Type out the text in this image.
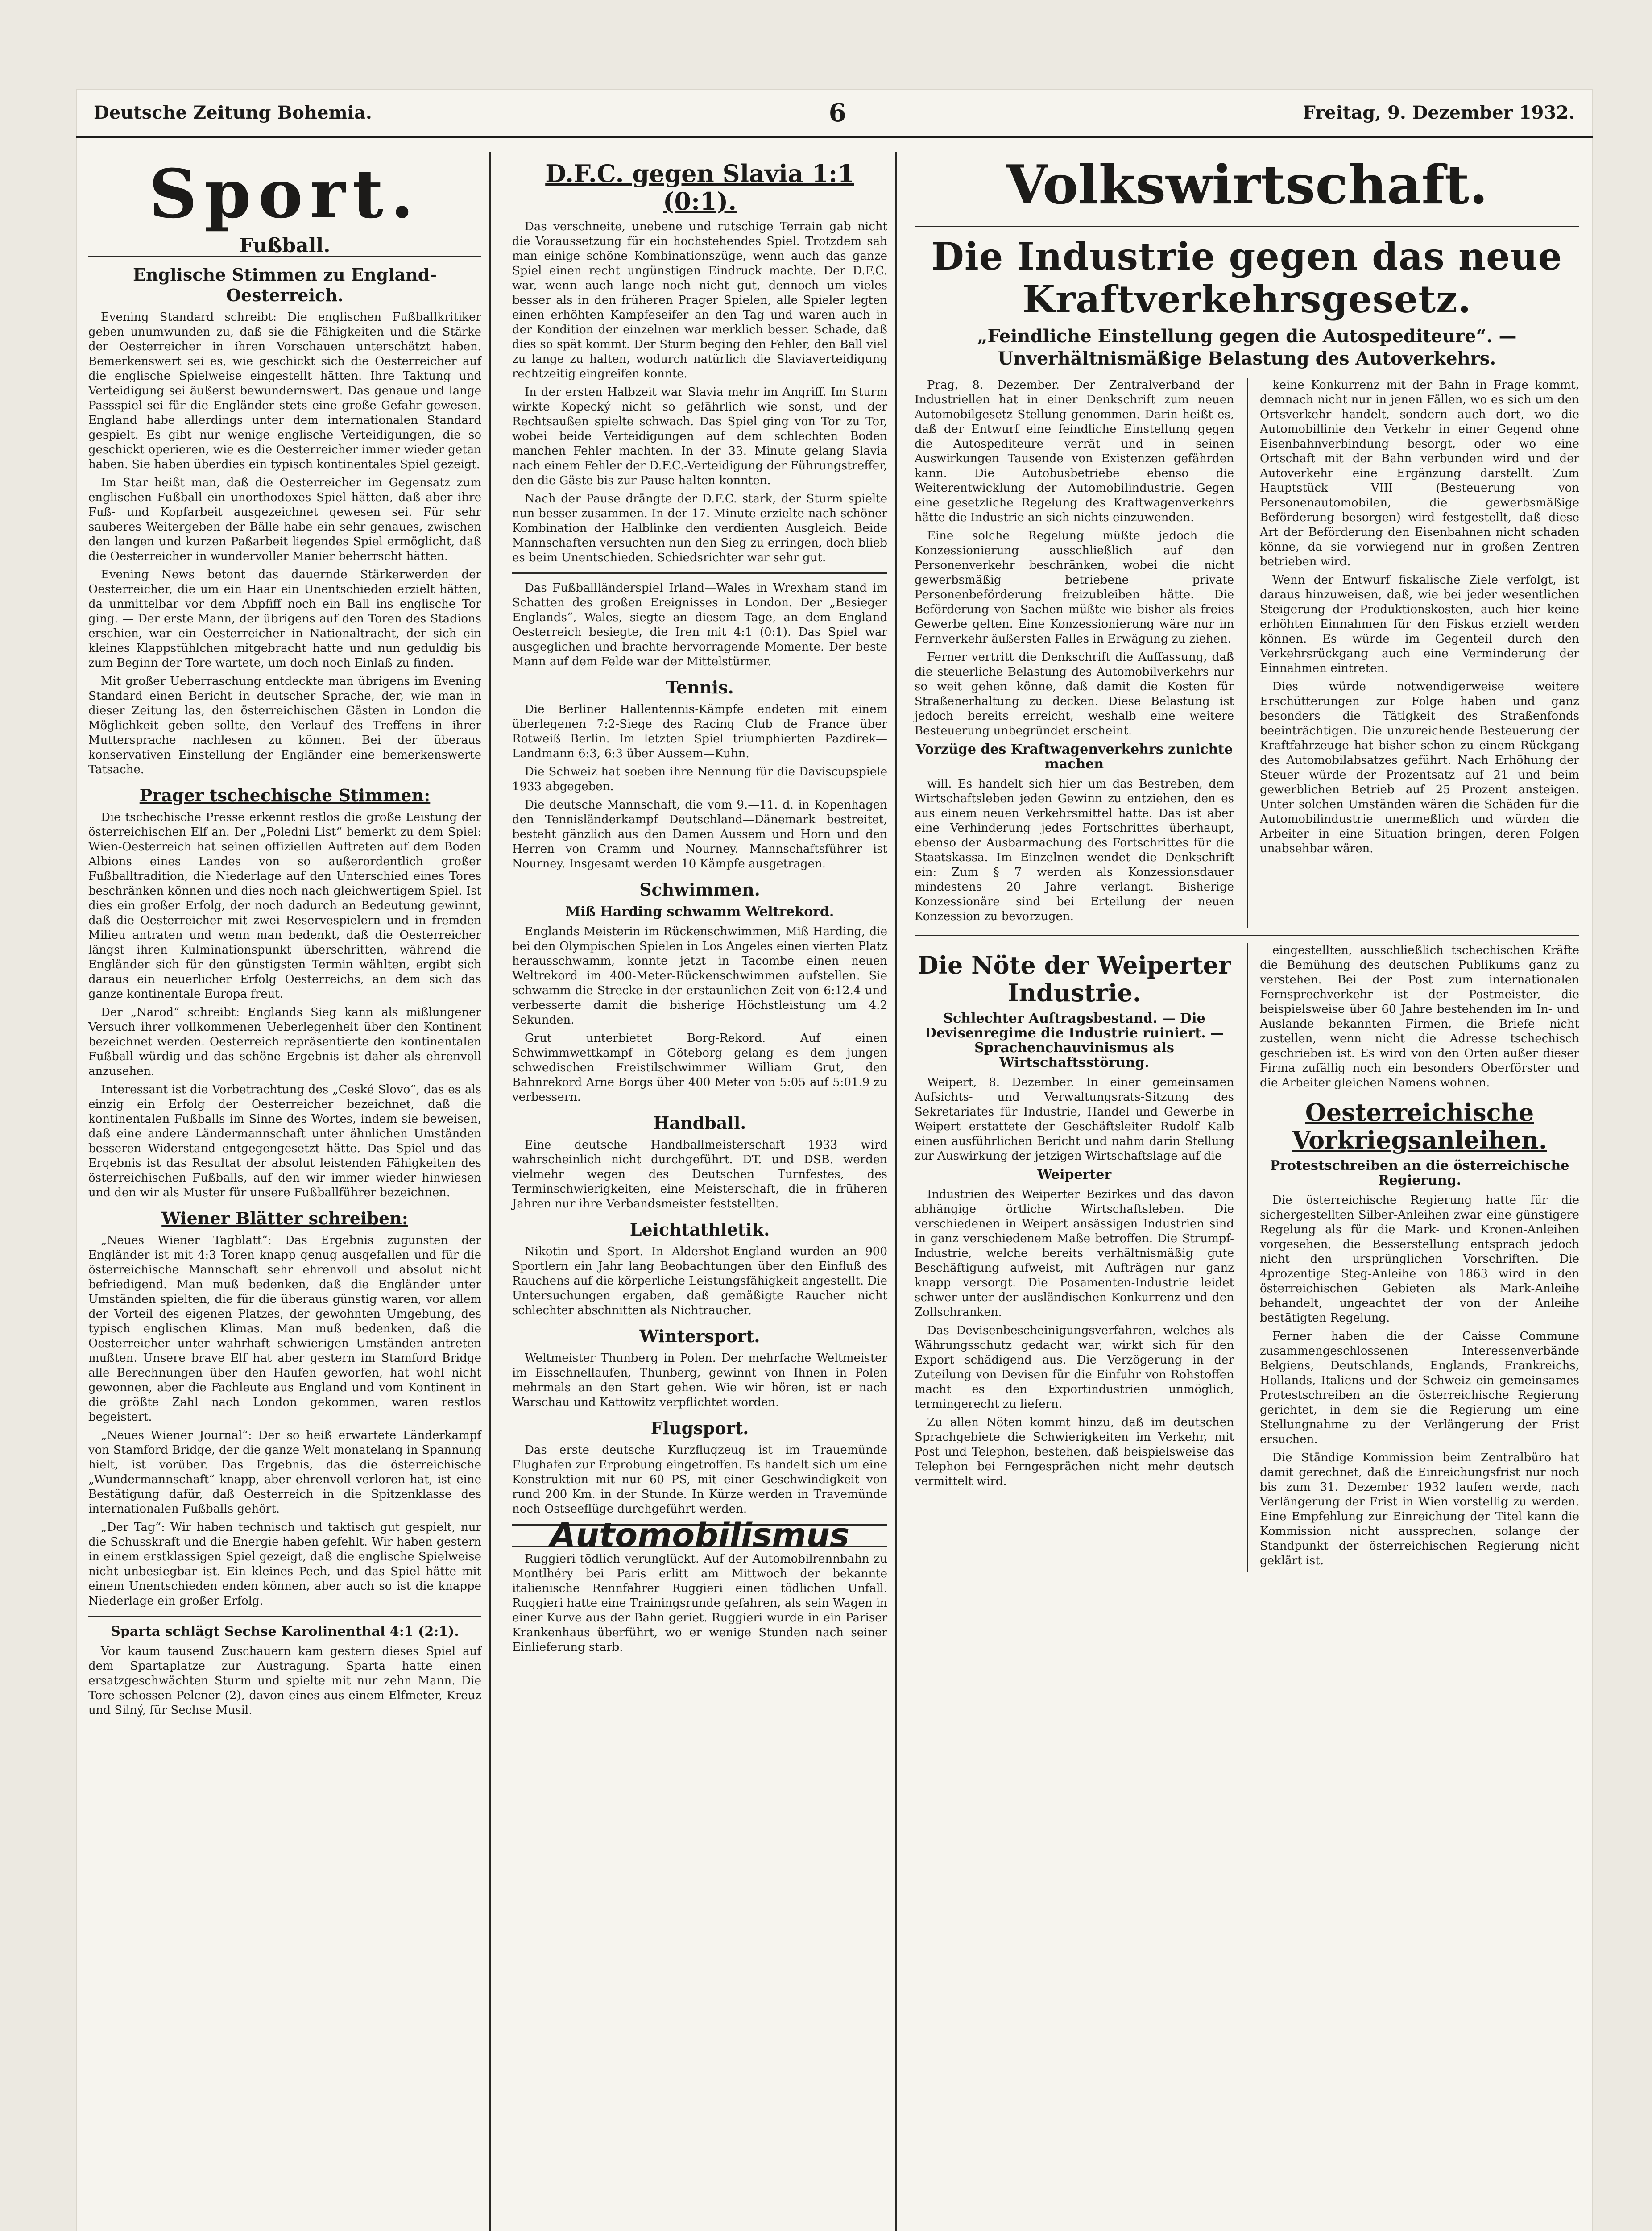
Deutsche Zeitung Bohemia.	6	Freitag, 9. Dezember 1932.
Sport.
Fußball.
Englische Stimmen zu England-Oesterreich.

Evening Standard schreibt: Die englischen Fußballkritiker geben unumwunden zu, daß sie die Fähigkeiten und die Stärke der Oesterreicher in ihren Vorschauen unterschätzt haben. Bemerkenswert sei es, wie geschickt sich die Oesterreicher auf die englische Spielweise eingestellt hätten. Ihre Taktung und Verteidigung sei äußerst bewundernswert. Das genaue und lange Passspiel sei für die Engländer stets eine große Gefahr gewesen. England habe allerdings unter dem internationalen Standard gespielt. Es gibt nur wenige englische Verteidigungen, die so geschickt operieren, wie es die Oesterreicher immer wieder getan haben. Sie haben überdies ein typisch kontinentales Spiel gezeigt.

Im Star heißt man, daß die Oesterreicher im Gegensatz zum englischen Fußball ein unorthodoxes Spiel hätten, daß aber ihre Fuß- und Kopfarbeit ausgezeichnet gewesen sei. Für sehr sauberes Weitergeben der Bälle habe ein sehr genaues, zwischen den langen und kurzen Paßarbeit liegendes Spiel ermöglicht, daß die Oesterreicher in wundervoller Manier beherrscht hätten.

Evening News betont das dauernde Stärkerwerden der Oesterreicher, die um ein Haar ein Unentschieden erzielt hätten, da unmittelbar vor dem Abpfiff noch ein Ball ins englische Tor ging. — Der erste Mann, der übrigens auf den Toren des Stadions erschien, war ein Oesterreicher in Nationaltracht, der sich ein kleines Klappstühlchen mitgebracht hatte und nun geduldig bis zum Beginn der Tore wartete, um doch noch Einlaß zu finden.

Mit großer Ueberraschung entdeckte man übrigens im Evening Standard einen Bericht in deutscher Sprache, der, wie man in dieser Zeitung las, den österreichischen Gästen in London die Möglichkeit geben sollte, den Verlauf des Treffens in ihrer Muttersprache nachlesen zu können. Bei der überaus konservativen Einstellung der Engländer eine bemerkenswerte Tatsache.

Prager tschechische Stimmen:

Die tschechische Presse erkennt restlos die große Leistung der österreichischen Elf an. Der „Poledni List“ bemerkt zu dem Spiel: Wien-Oesterreich hat seinen offiziellen Auftreten auf dem Boden Albions eines Landes von so außerordentlich großer Fußballtradition, die Niederlage auf den Unterschied eines Tores beschränken können und dies noch nach gleichwertigem Spiel. Ist dies ein großer Erfolg, der noch dadurch an Bedeutung gewinnt, daß die Oesterreicher mit zwei Reservespielern und in fremden Milieu antraten und wenn man bedenkt, daß die Oesterreicher längst ihren Kulminationspunkt überschritten, während die Engländer sich für den günstigsten Termin wählten, ergibt sich daraus ein neuerlicher Erfolg Oesterreichs, an dem sich das ganze kontinentale Europa freut.

Der „Narod“ schreibt: Englands Sieg kann als mißlungener Versuch ihrer vollkommenen Ueberlegenheit über den Kontinent bezeichnet werden. Oesterreich repräsentierte den kontinentalen Fußball würdig und das schöne Ergebnis ist daher als ehrenvoll anzusehen.

Interessant ist die Vorbetrachtung des „Ceské Slovo“, das es als einzig ein Erfolg der Oesterreicher bezeichnet, daß die kontinentalen Fußballs im Sinne des Wortes, indem sie beweisen, daß eine andere Ländermannschaft unter ähnlichen Umständen besseren Widerstand entgegengesetzt hätte. Das Spiel und das Ergebnis ist das Resultat der absolut leistenden Fähigkeiten des österreichischen Fußballs, auf den wir immer wieder hinwiesen und den wir als Muster für unsere Fußballführer bezeichnen.

Wiener Blätter schreiben:

„Neues Wiener Tagblatt“: Das Ergebnis zugunsten der Engländer ist mit 4:3 Toren knapp genug ausgefallen und für die österreichische Mannschaft sehr ehrenvoll und absolut nicht befriedigend. Man muß bedenken, daß die Engländer unter Umständen spielten, die für die überaus günstig waren, vor allem der Vorteil des eigenen Platzes, der gewohnten Umgebung, des typisch englischen Klimas. Man muß bedenken, daß die Oesterreicher unter wahrhaft schwierigen Umständen antreten mußten. Unsere brave Elf hat aber gestern im Stamford Bridge alle Berechnungen über den Haufen geworfen, hat wohl nicht gewonnen, aber die Fachleute aus England und vom Kontinent in die größte Zahl nach London gekommen, waren restlos begeistert.

„Neues Wiener Journal“: Der so heiß erwartete Länderkampf von Stamford Bridge, der die ganze Welt monatelang in Spannung hielt, ist vorüber. Das Ergebnis, das die österreichische „Wundermannschaft“ knapp, aber ehrenvoll verloren hat, ist eine Bestätigung dafür, daß Oesterreich in die Spitzenklasse des internationalen Fußballs gehört.

„Der Tag“: Wir haben technisch und taktisch gut gespielt, nur die Schusskraft und die Energie haben gefehlt. Wir haben gestern in einem erstklassigen Spiel gezeigt, daß die englische Spielweise nicht unbesiegbar ist. Ein kleines Pech, und das Spiel hätte mit einem Unentschieden enden können, aber auch so ist die knappe Niederlage ein großer Erfolg.

Sparta schlägt Sechse Karolinenthal 4:1 (2:1).

Vor kaum tausend Zuschauern kam gestern dieses Spiel auf dem Spartaplatze zur Austragung. Sparta hatte einen ersatzgeschwächten Sturm und spielte mit nur zehn Mann. Die Tore schossen Pelcner (2), davon eines aus einem Elfmeter, Kreuz und Silný, für Sechse Musil.

D.F.C. gegen Slavia 1:1 (0:1).

Das verschneite, unebene und rutschige Terrain gab nicht die Voraussetzung für ein hochstehendes Spiel. Trotzdem sah man einige schöne Kombinationszüge, wenn auch das ganze Spiel einen recht ungünstigen Eindruck machte. Der D.F.C. war, wenn auch lange noch nicht gut, dennoch um vieles besser als in den früheren Prager Spielen, alle Spieler legten einen erhöhten Kampfeseifer an den Tag und waren auch in der Kondition der einzelnen war merklich besser. Schade, daß dies so spät kommt. Der Sturm beging den Fehler, den Ball viel zu lange zu halten, wodurch natürlich die Slaviaverteidigung rechtzeitig eingreifen konnte.

In der ersten Halbzeit war Slavia mehr im Angriff. Im Sturm wirkte Kopecký nicht so gefährlich wie sonst, und der Rechtsaußen spielte schwach. Das Spiel ging von Tor zu Tor, wobei beide Verteidigungen auf dem schlechten Boden manchen Fehler machten. In der 33. Minute gelang Slavia nach einem Fehler der D.F.C.-Verteidigung der Führungstreffer, den die Gäste bis zur Pause halten konnten.

Nach der Pause drängte der D.F.C. stark, der Sturm spielte nun besser zusammen. In der 17. Minute erzielte nach schöner Kombination der Halblinke den verdienten Ausgleich. Beide Mannschaften versuchten nun den Sieg zu erringen, doch blieb es beim Unentschieden. Schiedsrichter war sehr gut.

Das Fußballländerspiel Irland—Wales in Wrexham stand im Schatten des großen Ereignisses in London. Der „Besieger Englands“, Wales, siegte an diesem Tage, an dem England Oesterreich besiegte, die Iren mit 4:1 (0:1). Das Spiel war ausgeglichen und brachte hervorragende Momente. Der beste Mann auf dem Felde war der Mittelstürmer.

Tennis.

Die Berliner Hallentennis-Kämpfe endeten mit einem überlegenen 7:2-Siege des Racing Club de France über Rotweiß Berlin. Im letzten Spiel triumphierten Pazdirek—Landmann 6:3, 6:3 über Aussem—Kuhn.

Die Schweiz hat soeben ihre Nennung für die Daviscupspiele 1933 abgegeben.

Die deutsche Mannschaft, die vom 9.—11. d. in Kopenhagen den Tennisländerkampf Deutschland—Dänemark bestreitet, besteht gänzlich aus den Damen Aussem und Horn und den Herren von Cramm und Nourney. Mannschaftsführer ist Nourney. Insgesamt werden 10 Kämpfe ausgetragen.

Schwimmen.
Miß Harding schwamm Weltrekord.

Englands Meisterin im Rückenschwimmen, Miß Harding, die bei den Olympischen Spielen in Los Angeles einen vierten Platz herausschwamm, konnte jetzt in Tacombe einen neuen Weltrekord im 400-Meter-Rückenschwimmen aufstellen. Sie schwamm die Strecke in der erstaunlichen Zeit von 6:12.4 und verbesserte damit die bisherige Höchstleistung um 4.2 Sekunden.

Grut unterbietet Borg-Rekord. Auf einen Schwimmwettkampf in Göteborg gelang es dem jungen schwedischen Freistilschwimmer William Grut, den Bahnrekord Arne Borgs über 400 Meter von 5:05 auf 5:01.9 zu verbessern.

Handball.

Eine deutsche Handballmeisterschaft 1933 wird wahrscheinlich nicht durchgeführt. DT. und DSB. werden vielmehr wegen des Deutschen Turnfestes, des Terminschwierigkeiten, eine Meisterschaft, die in früheren Jahren nur ihre Verbandsmeister feststellten.

Leichtathletik.

Nikotin und Sport. In Aldershot-England wurden an 900 Sportlern ein Jahr lang Beobachtungen über den Einfluß des Rauchens auf die körperliche Leistungsfähigkeit angestellt. Die Untersuchungen ergaben, daß gemäßigte Raucher nicht schlechter abschnitten als Nichtraucher.

Wintersport.

Weltmeister Thunberg in Polen. Der mehrfache Weltmeister im Eisschnellaufen, Thunberg, gewinnt von Ihnen in Polen mehrmals an den Start gehen. Wie wir hören, ist er nach Warschau und Kattowitz verpflichtet worden.

Flugsport.

Das erste deutsche Kurzflugzeug ist im Trauemünde Flughafen zur Erprobung eingetroffen. Es handelt sich um eine Konstruktion mit nur 60 PS, mit einer Geschwindigkeit von rund 200 Km. in der Stunde. In Kürze werden in Travemünde noch Ostseeflüge durchgeführt werden.

Automobilismus

Ruggieri tödlich verunglückt. Auf der Automobilrennbahn zu Montlhéry bei Paris erlitt am Mittwoch der bekannte italienische Rennfahrer Ruggieri einen tödlichen Unfall. Ruggieri hatte eine Trainingsrunde gefahren, als sein Wagen in einer Kurve aus der Bahn geriet. Ruggieri wurde in ein Pariser Krankenhaus überführt, wo er wenige Stunden nach seiner Einlieferung starb.

Volkswirtschaft.
Die Industrie gegen das neue Kraftverkehrsgesetz.
„Feindliche Einstellung gegen die Autospediteure“. — Unverhältnismäßige Belastung des Autoverkehrs.

Prag, 8. Dezember. Der Zentralverband der Industriellen hat in einer Denkschrift zum neuen Automobilgesetz Stellung genommen. Darin heißt es, daß der Entwurf eine feindliche Einstellung gegen die Autospediteure verrät und in seinen Auswirkungen Tausende von Existenzen gefährden kann. Die Autobusbetriebe ebenso die Weiterentwicklung der Automobilindustrie. Gegen eine gesetzliche Regelung des Kraftwagenverkehrs hätte die Industrie an sich nichts einzuwenden.

Eine solche Regelung müßte jedoch die Konzessionierung ausschließlich auf den Personenverkehr beschränken, wobei die nicht gewerbsmäßig betriebene private Personenbeförderung freizubleiben hätte. Die Beförderung von Sachen müßte wie bisher als freies Gewerbe gelten. Eine Konzessionierung wäre nur im Fernverkehr äußersten Falles in Erwägung zu ziehen.

Ferner vertritt die Denkschrift die Auffassung, daß die steuerliche Belastung des Automobilverkehrs nur so weit gehen könne, daß damit die Kosten für Straßenerhaltung zu decken. Diese Belastung ist jedoch bereits erreicht, weshalb eine weitere Besteuerung unbegründet erscheint.

Vorzüge des Kraftwagenverkehrs zunichte machen

will. Es handelt sich hier um das Bestreben, dem Wirtschaftsleben jeden Gewinn zu entziehen, den es aus einem neuen Verkehrsmittel hatte. Das ist aber eine Verhinderung jedes Fortschrittes überhaupt, ebenso der Ausbarmachung des Fortschrittes für die Staatskassa. Im Einzelnen wendet die Denkschrift ein: Zum § 7 werden als Konzessionsdauer mindestens 20 Jahre verlangt. Bisherige Konzessionäre sind bei Erteilung der neuen Konzession zu bevorzugen.

keine Konkurrenz mit der Bahn in Frage kommt, demnach nicht nur in jenen Fällen, wo es sich um den Ortsverkehr handelt, sondern auch dort, wo die Automobillinie den Verkehr in einer Gegend ohne Eisenbahnverbindung besorgt, oder wo eine Ortschaft mit der Bahn verbunden wird und der Autoverkehr eine Ergänzung darstellt. Zum Hauptstück VIII (Besteuerung von Personenautomobilen, die gewerbsmäßige Beförderung besorgen) wird festgestellt, daß diese Art der Beförderung den Eisenbahnen nicht schaden könne, da sie vorwiegend nur in großen Zentren betrieben wird.

Wenn der Entwurf fiskalische Ziele verfolgt, ist daraus hinzuweisen, daß, wie bei jeder wesentlichen Steigerung der Produktionskosten, auch hier keine erhöhten Einnahmen für den Fiskus erzielt werden können. Es würde im Gegenteil durch den Verkehrsrückgang auch eine Verminderung der Einnahmen eintreten.

Dies würde notwendigerweise weitere Erschütterungen zur Folge haben und ganz besonders die Tätigkeit des Straßenfonds beeinträchtigen. Die unzureichende Besteuerung der Kraftfahrzeuge hat bisher schon zu einem Rückgang des Automobilabsatzes geführt. Nach Erhöhung der Steuer würde der Prozentsatz auf 21 und beim gewerblichen Betrieb auf 25 Prozent ansteigen. Unter solchen Umständen wären die Schäden für die Automobilindustrie unermeßlich und würden die Arbeiter in eine Situation bringen, deren Folgen unabsehbar wären.

Die Nöte der Weiperter Industrie.
Schlechter Auftragsbestand. — Die Devisenregime die Industrie ruiniert. — Sprachenchauvinismus als Wirtschaftsstörung.

Weipert, 8. Dezember. In einer gemeinsamen Aufsichts- und Verwaltungsrats-Sitzung des Sekretariates für Industrie, Handel und Gewerbe in Weipert erstattete der Geschäftsleiter Rudolf Kalb einen ausführlichen Bericht und nahm darin Stellung zur Auswirkung der jetzigen Wirtschaftslage auf die

Weiperter

Industrien des Weiperter Bezirkes und das davon abhängige örtliche Wirtschaftsleben. Die verschiedenen in Weipert ansässigen Industrien sind in ganz verschiedenem Maße betroffen. Die Strumpf-Industrie, welche bereits verhältnismäßig gute Beschäftigung aufweist, mit Aufträgen nur ganz knapp versorgt. Die Posamenten-Industrie leidet schwer unter der ausländischen Konkurrenz und den Zollschranken.

Das Devisenbescheinigungsverfahren, welches als Währungsschutz gedacht war, wirkt sich für den Export schädigend aus. Die Verzögerung in der Zuteilung von Devisen für die Einfuhr von Rohstoffen macht es den Exportindustrien unmöglich, termingerecht zu liefern.

Zu allen Nöten kommt hinzu, daß im deutschen Sprachgebiete die Schwierigkeiten im Verkehr, mit Post und Telephon, bestehen, daß beispielsweise das Telephon bei Ferngesprächen nicht mehr deutsch vermittelt wird.

eingestellten, ausschließlich tschechischen Kräfte die Bemühung des deutschen Publikums ganz zu verstehen. Bei der Post zum internationalen Fernsprechverkehr ist der Postmeister, die beispielsweise über 60 Jahre bestehenden im In- und Auslande bekannten Firmen, die Briefe nicht zustellen, wenn nicht die Adresse tschechisch geschrieben ist. Es wird von den Orten außer dieser Firma zufällig noch ein besonders Oberförster und die Arbeiter gleichen Namens wohnen.

Oesterreichische Vorkriegsanleihen.
Protestschreiben an die österreichische Regierung.

Die österreichische Regierung hatte für die sichergestellten Silber-Anleihen zwar eine günstigere Regelung als für die Mark- und Kronen-Anleihen vorgesehen, die Besserstellung entsprach jedoch nicht den ursprünglichen Vorschriften. Die 4prozentige Steg-Anleihe von 1863 wird in den österreichischen Gebieten als Mark-Anleihe behandelt, ungeachtet der von der Anleihe bestätigten Regelung.

Ferner haben die der Caisse Commune zusammengeschlossenen Interessenverbände Belgiens, Deutschlands, Englands, Frankreichs, Hollands, Italiens und der Schweiz ein gemeinsames Protestschreiben an die österreichische Regierung gerichtet, in dem sie die Regierung um eine Stellungnahme zu der Verlängerung der Frist ersuchen.

Die Ständige Kommission beim Zentralbüro hat damit gerechnet, daß die Einreichungsfrist nur noch bis zum 31. Dezember 1932 laufen werde, nach Verlängerung der Frist in Wien vorstellig zu werden. Eine Empfehlung zur Einreichung der Titel kann die Kommission nicht aussprechen, solange der Standpunkt der österreichischen Regierung nicht geklärt ist.
